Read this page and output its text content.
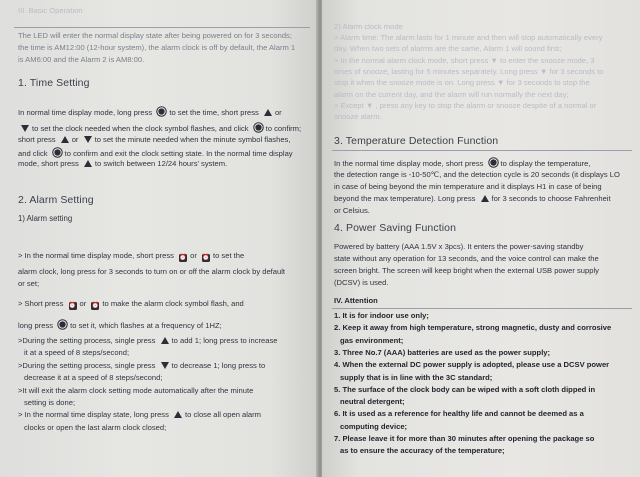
III. Basic Operation
The LED will enter the normal display state after being powered on for 3 seconds;
the time is AM12:00 (12-hour system), the alarm clock is off by default, the Alarm 1
is AM6:00 and the Alarm 2 is AM8:00.
1. Time Setting
In normal time display mode, long press to set the time, short press or
to set the clock needed when the clock symbol flashes, and click to confirm;
short press or to set the minute needed when the minute symbol flashes,
and click to confirm and exit the clock setting state. In the normal time display
mode, short press to switch between 12/24 hours' system.
2. Alarm Setting
1) Alarm setting
> In the normal time display mode, short press ⏰ or ⏰ to set the
alarm clock, long press for 3 seconds to turn on or off the alarm clock by default
or set;
> Short press ⏰ or ⏰ to make the alarm clock symbol flash, and
long press to set it, which flashes at a frequency of 1HZ;
>During the setting process, single press to add 1; long press to increase
it at a speed of 8 steps/second;
>During the setting process, single press to decrease 1; long press to
decrease it at a speed of 8 steps/second;
>It will exit the alarm clock setting mode automatically after the minute
setting is done;
> In the normal time display state, long press to close all open alarm
clocks or open the last alarm clock closed;
2) Alarm clock mode
> Alarm time: The alarm lasts for 1 minute and then will stop automatically every
day. When two sets of alarms are the same, Alarm 1 will sound first;
> In the normal alarm clock mode, short press ▼ to enter the snooze mode, 3
times of snooze, lasting for 5 minutes separately. Long press ▼ for 3 seconds to
stop it when the snooze mode is on. Long press ▼ for 3 seconds to stop the
alarm on the current day, and the alarm will run normally the next day;
> Except ▼ , press any key to stop the alarm or snooze despite of a normal or
snooze alarm.
3. Temperature Detection Function
In the normal time display mode, short press to display the temperature,
the detection range is -10-50℃, and the detection cycle is 20 seconds (it displays LO
in case of being beyond the min temperature and it displays H1 in case of being
beyond the max temperature). Long press for 3 seconds to choose Fahrenheit
or Celsius.
4. Power Saving Function
Powered by battery (AAA 1.5V x 3pcs). It enters the power-saving standby
state without any operation for 13 seconds, and the voice control can make the
screen bright. The screen will keep bright when the external USB power supply
(DCSV) is used.
IV. Attention
1. It is for indoor use only;
2. Keep it away from high temperature, strong magnetic, dusty and corrosive
gas environment;
3. Three No.7 (AAA) batteries are used as the power supply;
4. When the external DC power supply is adopted, please use a DCSV power
supply that is in line with the 3C standard;
5. The surface of the clock body can be wiped with a soft cloth dipped in
neutral detergent;
6. It is used as a reference for healthy life and cannot be deemed as a
computing device;
7. Please leave it for more than 30 minutes after opening the package so
as to ensure the accuracy of the temperature;
